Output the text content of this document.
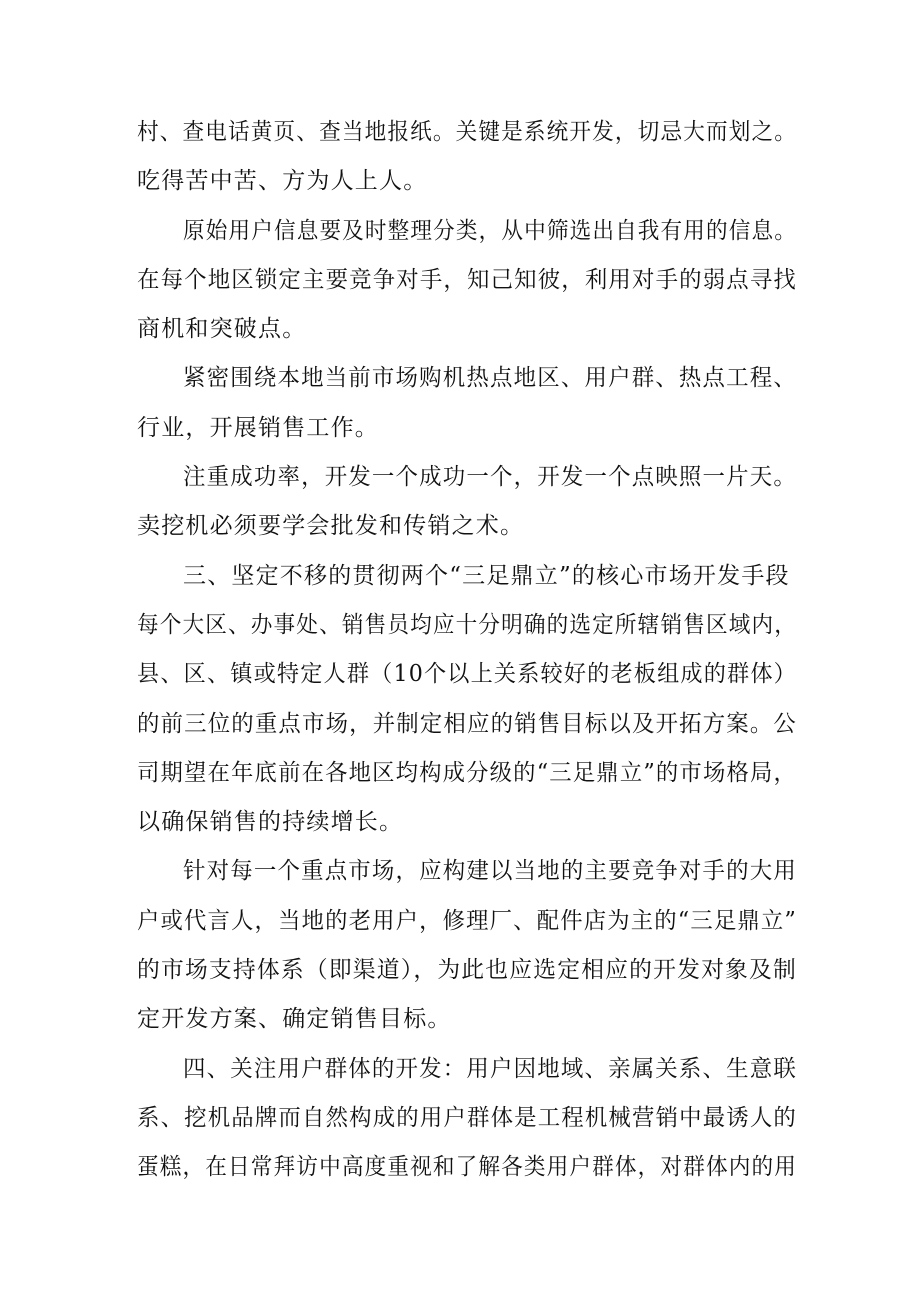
村、查电话黄页、查当地报纸。关键是系统开发，切忌大而划之。
吃得苦中苦、方为人上人。
原始用户信息要及时整理分类，从中筛选出自我有用的信息。
在每个地区锁定主要竞争对手，知己知彼，利用对手的弱点寻找
商机和突破点。
紧密围绕本地当前市场购机热点地区、用户群、热点工程、
行业，开展销售工作。
注重成功率，开发一个成功一个，开发一个点映照一片天。
卖挖机必须要学会批发和传销之术。
三、坚定不移的贯彻两个“三足鼎立”的核心市场开发手段
每个大区、办事处、销售员均应十分明确的选定所辖销售区域内，
县、区、镇或特定人群（10个以上关系较好的老板组成的群体）
的前三位的重点市场，并制定相应的销售目标以及开拓方案。公
司期望在年底前在各地区均构成分级的“三足鼎立”的市场格局，
以确保销售的持续增长。
针对每一个重点市场，应构建以当地的主要竞争对手的大用
户或代言人，当地的老用户，修理厂、配件店为主的“三足鼎立”
的市场支持体系（即渠道），为此也应选定相应的开发对象及制
定开发方案、确定销售目标。
四、关注用户群体的开发：用户因地域、亲属关系、生意联
系、挖机品牌而自然构成的用户群体是工程机械营销中最诱人的
蛋糕，在日常拜访中高度重视和了解各类用户群体，对群体内的用
